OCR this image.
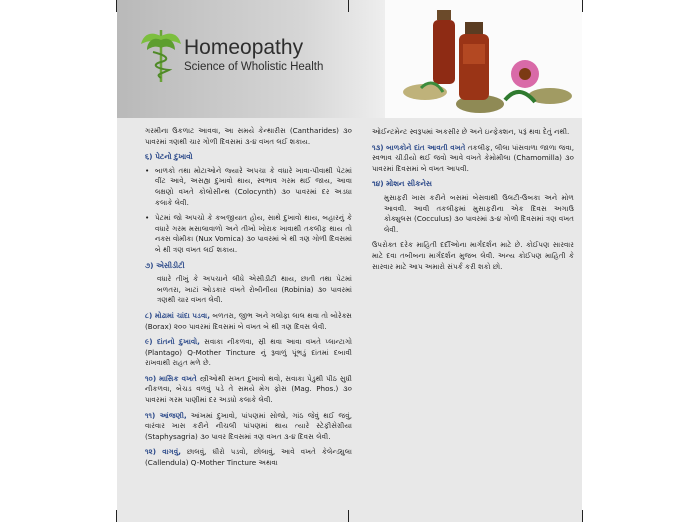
Homeopathy
Science of Wholistic Health

ગરમીના ઉકળાટ આવવા, આ સમયે કેન્થારીસ (Cantharides) ૩૦ પાવરમાં ત્રણથી ચાર ગોળી દિવસમાં ૩-૪ વખત લઈ શકાય.

૬) પેટનો દુખાવો

• બાળકો તથા મોટાઓને જ્યારે અપચા કે વધારે ખાવા-પીવાથી પેટમાં વીંટ આવે, અસહ્ય દુખાવો થાય, સ્વભાવ ગરમ થઈ જાય, આવા લક્ષણો વખતે કોલોસીન્થ (Colocynth) ૩૦ પાવરમાં દર અડધા કલાકે લેવી.

• પેટમાં જો અપચો કે કબજીયાત હોય, સાથે દુખાવો થાય, બહારનું કે વધારે ગરમ મસાલાવાળો અને તીખો ખોરાક ખાવાથી તકલીફ થાય તો નક્સ વોમીકા (Nux Vomica) ૩૦ પાવરમાં બે થી ત્રણ ગોળી દિવસમાં બે થી ત્રણ વખત લઈ શકાય.

૭) એસીડીટી

વધારે તીખું કે અપચાને લીધે એસીડીટી થાય, છાતી તથા પેટમાં બળતરા, ખાટાં ઓડકાર વખતે રોબીનીયા (Robinia) ૩૦ પાવરમાં ત્રણથી ચાર વખત લેવી.

૮) મોઢામાં ચાંદા પડવા, બળતરા, જીભ અને ગલોફા લાલ થવા તો બોરેક્સ (Borax) ૨૦૦ પાવરમાં દિવસમાં બે વખત બે થી ત્રણ દિવસ લેવી.

૯) દાંતનો દુખાવો, સવાકા નીકળવા, સ્રી થવા આવા વખતે પ્લાન્ટાગો (Plantago) Q-Mother Tincture નું રૂવાળું પૂંભડું દાંતમાં દબાવી રાખવાથી રાહત મળે છે.

૧૦) માસિક વખતે સ્ત્રીઓથી સખત દુખાવો થવો, સવાકા પેડુથી પીઠ સુધી નીકળવા, બેચડ વળવું પડે તે સમયે મેગ ફોસ (Mag. Phos.) ૩૦ પાવરમાં ગરમ પાણીમાં દર અડધો કલાકે લેવી.

૧૧) આંજણી, આંખમાં દુખાવો, પાંપણમાં સોજો, ગાંઠ જેવું થઈ જવું, વારંવાર ખાસ કરીને નીચલી પાંપણમાં થાય ત્યારે સ્ટેફીસેગ્રીયા (Staphysagria) ૩૦ પાવર દિવસમાં ત્રણ વખત ૩-૪ દિવસ લેવી.

૧૨) વાગવું, છાલવું, ઘીરો પડવો, છોલાવું, આવે વખતે કેલેન્ડ્યુલા (Callendula) Q-Mother Tincture અથવા

ઓઈન્ટમેન્ટ સ્વરૂપમાં અકસીર છે અને ઇન્ફેક્શન, પરૂં થવા દેતું નથી.

૧૩) બાળકોને દાંત આવતી વખતે તકલીફ, લીલા પાંસવાળા જાળા જવા, સ્વભાવ ચીડીયો થઈ જવો આવે વખતે કેમોમીલા (Chamomilla) ૩૦ પાવરમાં દિવસમાં બે વખત આપવી.

૧૪) મોશન સીકનેસ

મુસાફરી ખાસ કરીને બસમાં બેસવાથી ઉલટી-ઉબકા અને મોળ આવવી. આવી તકલીફમાં મુસાફરીના એક દિવસ અગાઉ કોક્યુલસ (Cocculus) ૩૦ પાવરમાં ૩-૪ ગોળી દિવસમાં ત્રણ વખત લેવી.

ઉપરોક્ત દરેક માહિતી દર્દીઓના માર્ગદર્શન માટે છે. કોઈપણ સારવાર માટે દવા તબીબના માર્ગદર્શન મુજબ લેવી. અન્ય કોઈપણ માહિતી કે સારવાર માટે આપ અમારો સંપર્ક કરી શકો છો.
